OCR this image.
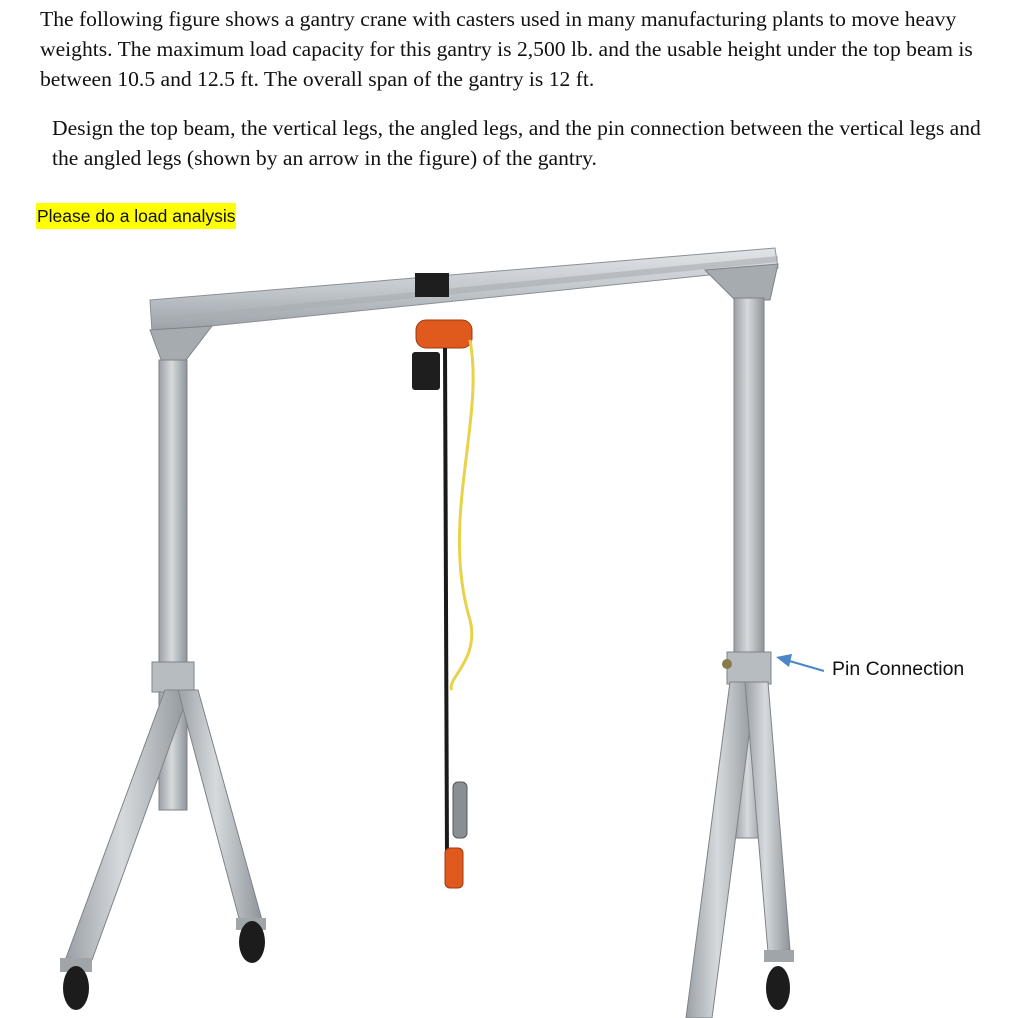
The following figure shows a gantry crane with casters used in many manufacturing plants to move heavy weights. The maximum load capacity for this gantry is 2,500 lb. and the usable height under the top beam is between 10.5 and 12.5 ft. The overall span of the gantry is 12 ft.
Design the top beam, the vertical legs, the angled legs, and the pin connection between the vertical legs and the angled legs (shown by an arrow in the figure) of the gantry.
Please do a load analysis
Pin Connection
